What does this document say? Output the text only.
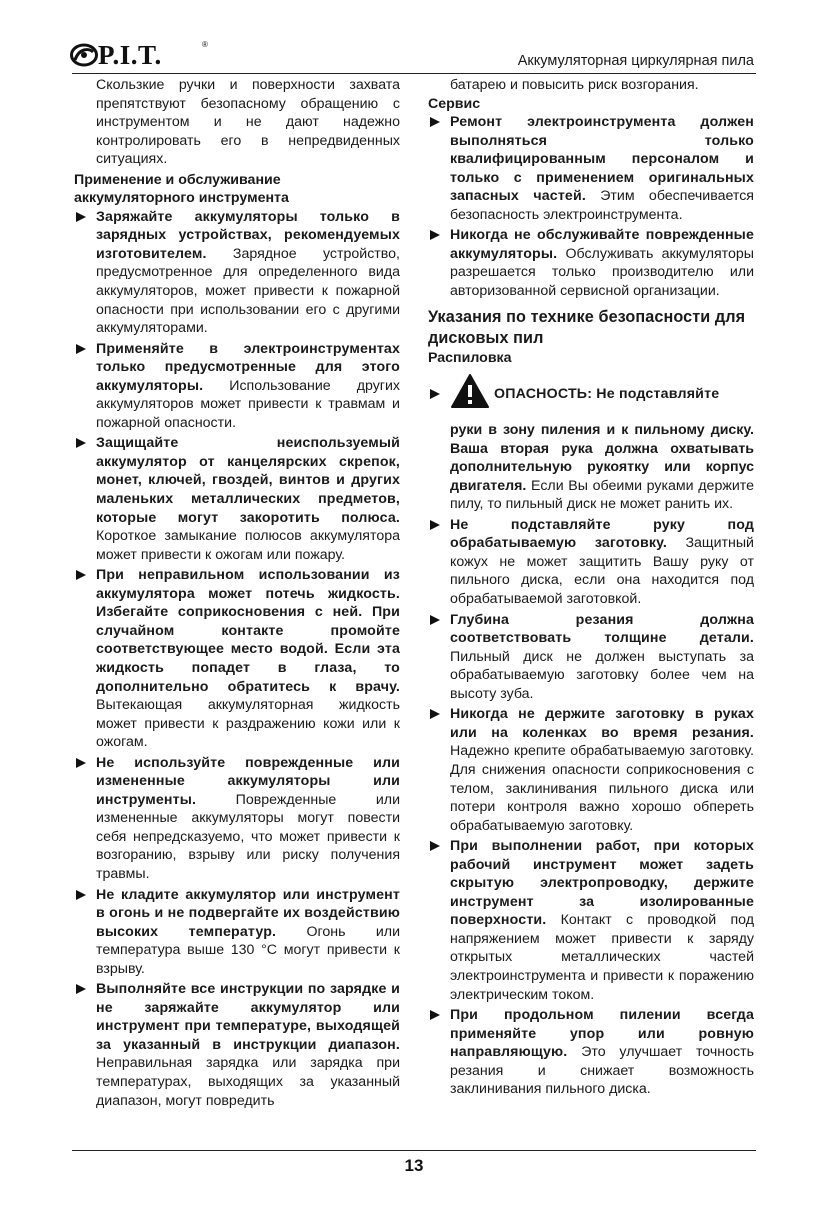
P.I.T.	®
Аккумуляторная циркулярная пила

Скользкие ручки и поверхности захвата препятствуют безопасному обращению с инструментом и не дают надежно контролировать его в непредвиденных ситуациях.

Применение и обслуживание аккумуляторного инструмента

Заряжайте аккумуляторы только в зарядных устройствах, рекомендуемых изготовителем. Зарядное устройство, предусмотренное для определенного вида аккумуляторов, может привести к пожарной опасности при использовании его с другими аккумуляторами.
Применяйте в электроинструментах только предусмотренные для этого аккумуляторы. Использование других аккумуляторов может привести к травмам и пожарной опасности.
Защищайте неиспользуемый аккумулятор от канцелярских скрепок, монет, ключей, гвоздей, винтов и других маленьких металлических предметов, которые могут закоротить полюса. Короткое замыкание полюсов аккумулятора может привести к ожогам или пожару.
При неправильном использовании из аккумулятора может потечь жидкость. Избегайте соприкосновения с ней. При случайном контакте промойте соответствующее место водой. Если эта жидкость попадет в глаза, то дополнительно обратитесь к врачу. Вытекающая аккумуляторная жидкость может привести к раздражению кожи или к ожогам.
Не используйте поврежденные или измененные аккумуляторы или инструменты. Поврежденные или измененные аккумуляторы могут повести себя непредсказуемо, что может привести к возгоранию, взрыву или риску получения травмы.
Не кладите аккумулятор или инструмент в огонь и не подвергайте их воздействию высоких температур. Огонь или температура выше 130 °C могут привести к взрыву.
Выполняйте все инструкции по зарядке и не заряжайте аккумулятор или инструмент при температуре, выходящей за указанный в инструкции диапазон. Неправильная зарядка или зарядка при температурах, выходящих за указанный диапазон, могут повредить

батарею и повысить риск возгорания.

Сервис

Ремонт электроинструмента должен выполняться только квалифицированным персоналом и только с применением оригинальных запасных частей. Этим обеспечивается безопасность электроинструмента.
Никогда не обслуживайте поврежденные аккумуляторы. Обслуживать аккумуляторы разрешается только производителю или авторизованной сервисной организации.

Указания по технике безопасности для дисковых пил

Распиловка

ОПАСНОСТЬ: Не подставляйте

руки в зону пиления и к пильному диску. Ваша вторая рука должна охватывать дополнительную рукоятку или корпус двигателя. Если Вы обеими руками держите пилу, то пильный диск не может ранить их.

Не подставляйте руку под обрабатываемую заготовку. Защитный кожух не может защитить Вашу руку от пильного диска, если она находится под обрабатываемой заготовкой.
Глубина резания должна соответствовать толщине детали. Пильный диск не должен выступать за обрабатываемую заготовку более чем на высоту зуба.
Никогда не держите заготовку в руках или на коленках во время резания. Надежно крепите обрабатываемую заготовку. Для снижения опасности соприкосновения с телом, заклинивания пильного диска или потери контроля важно хорошо обпереть обрабатываемую заготовку.
При выполнении работ, при которых рабочий инструмент может задеть скрытую электропроводку, держите инструмент за изолированные поверхности. Контакт с проводкой под напряжением может привести к заряду открытых металлических частей электроинструмента и привести к поражению электрическим током.
При продольном пилении всегда применяйте упор или ровную направляющую. Это улучшает точность резания и снижает возможность заклинивания пильного диска.
13
